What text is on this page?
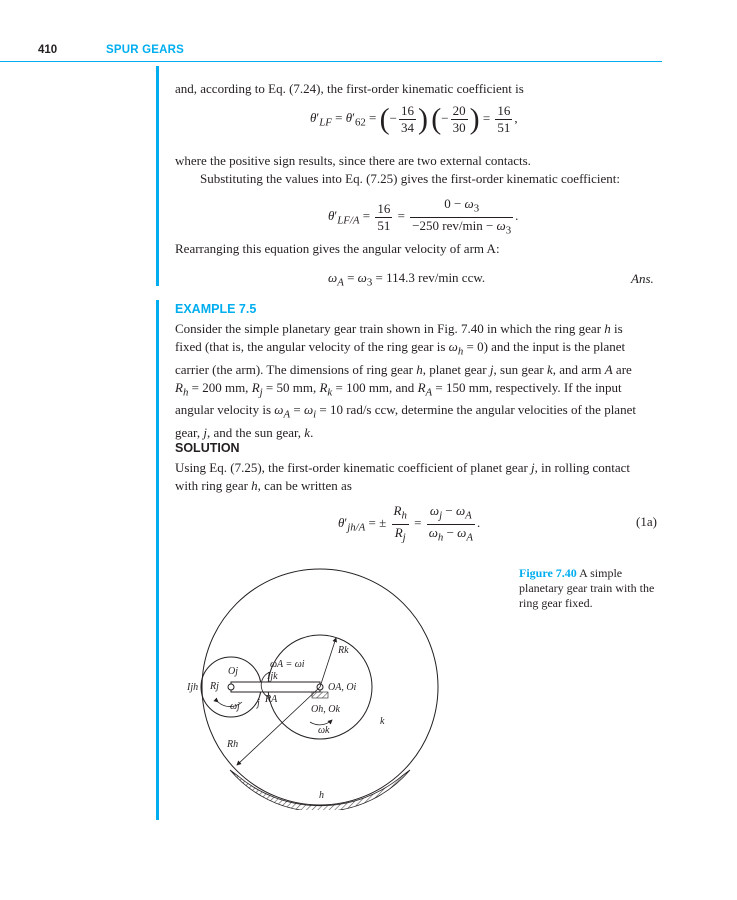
410	SPUR GEARS
and, according to Eq. (7.24), the first-order kinematic coefficient is
$\theta'_{LF} = \theta'_{62}$ = (− $\frac{16}{34}$ ) (− $\frac{20}{30}$ ) = $\frac{16}{51}$ ,
where the positive sign results, since there are two external contacts.
Substituting the values into Eq. (7.25) gives the first-order kinematic coefficient:
$\theta'_{LF/A} = \frac{16}{51} = \frac{0 - \omega_3}{-250 rev/\min - \omega_3}$ .
Rearranging this equation gives the angular velocity of arm A:
$\omega_A = \omega_3 = 114.3$ rev/min ccw.	Ans.
EXAMPLE 7.5
Consider the simple planetary gear train shown in Fig. 7.40 in which the ring gear h is
fixed (that is, the angular velocity of the ring gear is $\omega_h = 0$) and the input is the planet
carrier (the arm). The dimensions of ring gear h, planet gear j, sun gear k, and arm A are
$R_h = 200$ mm, $R_j = 50$ mm, $R_k = 100$ mm, and $R_A = 150$ mm, respectively. If the input
angular velocity is $\omega_A = \omega_i = 10$ rad/s ccw, determine the angular velocities of the planet
gear, j, and the sun gear, k.
SOLUTION
Using Eq. (7.25), the first-order kinematic coefficient of planet gear j, in rolling contact
with ring gear h, can be written as
$\theta'_{jh/A}$ = ± $\frac{R_h}{R_j} = \frac{\omega_j - \omega_A}{\omega_h - \omega_A}$ .	(1a)
Figure 7.40 A simple planetary gear train with the ring gear fixed.
Rk
ωA = ωi
Ijk
Oj
Ijh Rj	OA, Oi
ωj j RA
Oh, Ok
ωk
k
Rh
h
